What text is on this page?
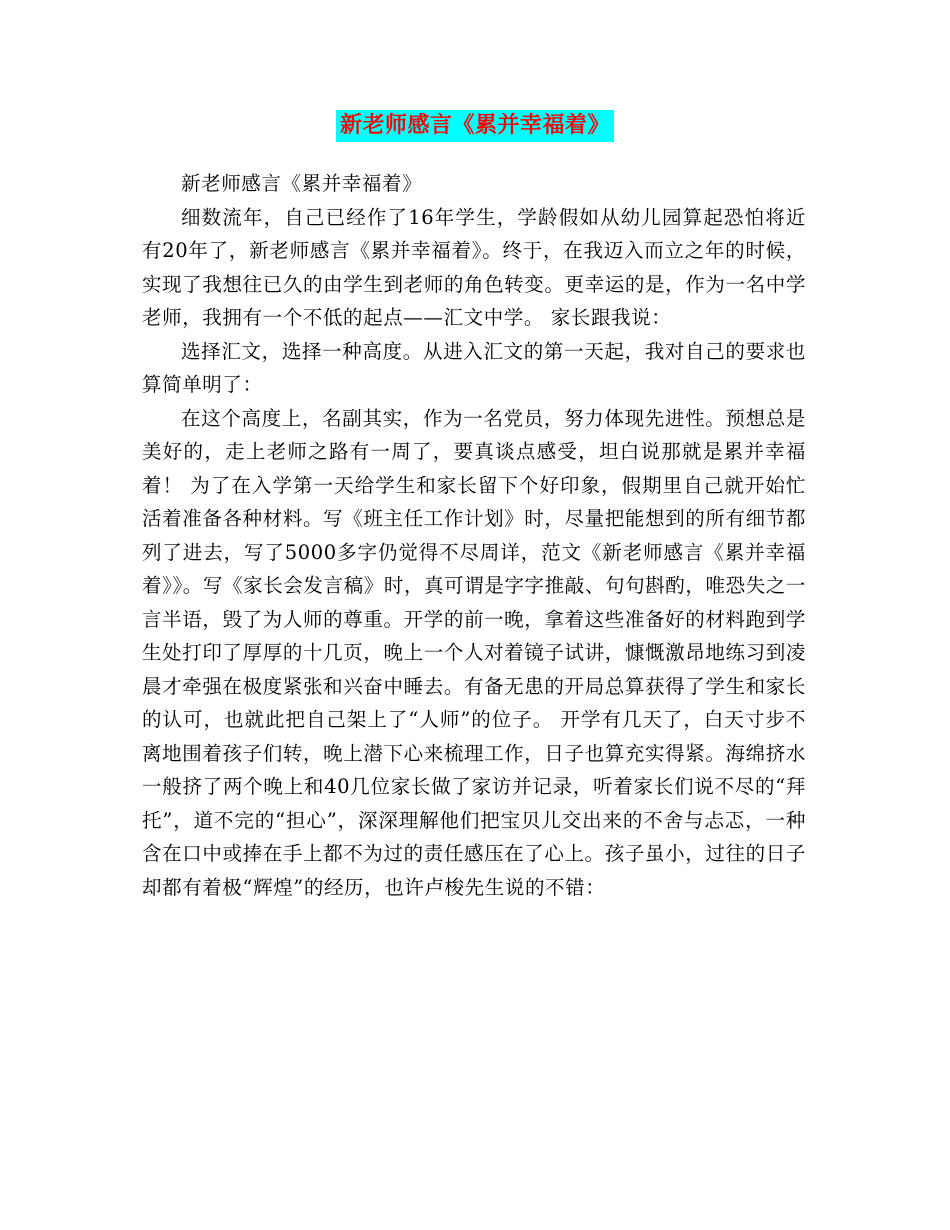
新老师感言《累并幸福着》

新老师感言《累并幸福着》

细数流年，自己已经作了16年学生，学龄假如从幼儿园算起恐怕将近有20年了，新老师感言《累并幸福着》。终于，在我迈入而立之年的时候，实现了我想往已久的由学生到老师的角色转变。更幸运的是，作为一名中学老师，我拥有一个不低的起点——汇文中学。 家长跟我说：

选择汇文，选择一种高度。从进入汇文的第一天起，我对自己的要求也算简单明了：

在这个高度上，名副其实，作为一名党员，努力体现先进性。预想总是美好的，走上老师之路有一周了，要真谈点感受，坦白说那就是累并幸福着！ 为了在入学第一天给学生和家长留下个好印象，假期里自己就开始忙活着准备各种材料。写《班主任工作计划》时，尽量把能想到的所有细节都列了进去，写了5000多字仍觉得不尽周详，范文《新老师感言《累并幸福着》》。写《家长会发言稿》时，真可谓是字字推敲、句句斟酌，唯恐失之一言半语，毁了为人师的尊重。开学的前一晚，拿着这些准备好的材料跑到学生处打印了厚厚的十几页，晚上一个人对着镜子试讲，慷慨激昂地练习到凌晨才牵强在极度紧张和兴奋中睡去。有备无患的开局总算获得了学生和家长的认可，也就此把自己架上了“人师”的位子。 开学有几天了，白天寸步不离地围着孩子们转，晚上潜下心来梳理工作，日子也算充实得紧。海绵挤水一般挤了两个晚上和40几位家长做了家访并记录，听着家长们说不尽的“拜托”，道不完的“担心”，深深理解他们把宝贝儿交出来的不舍与忐忑，一种含在口中或捧在手上都不为过的责任感压在了心上。孩子虽小，过往的日子却都有着极“辉煌”的经历，也许卢梭先生说的不错：
